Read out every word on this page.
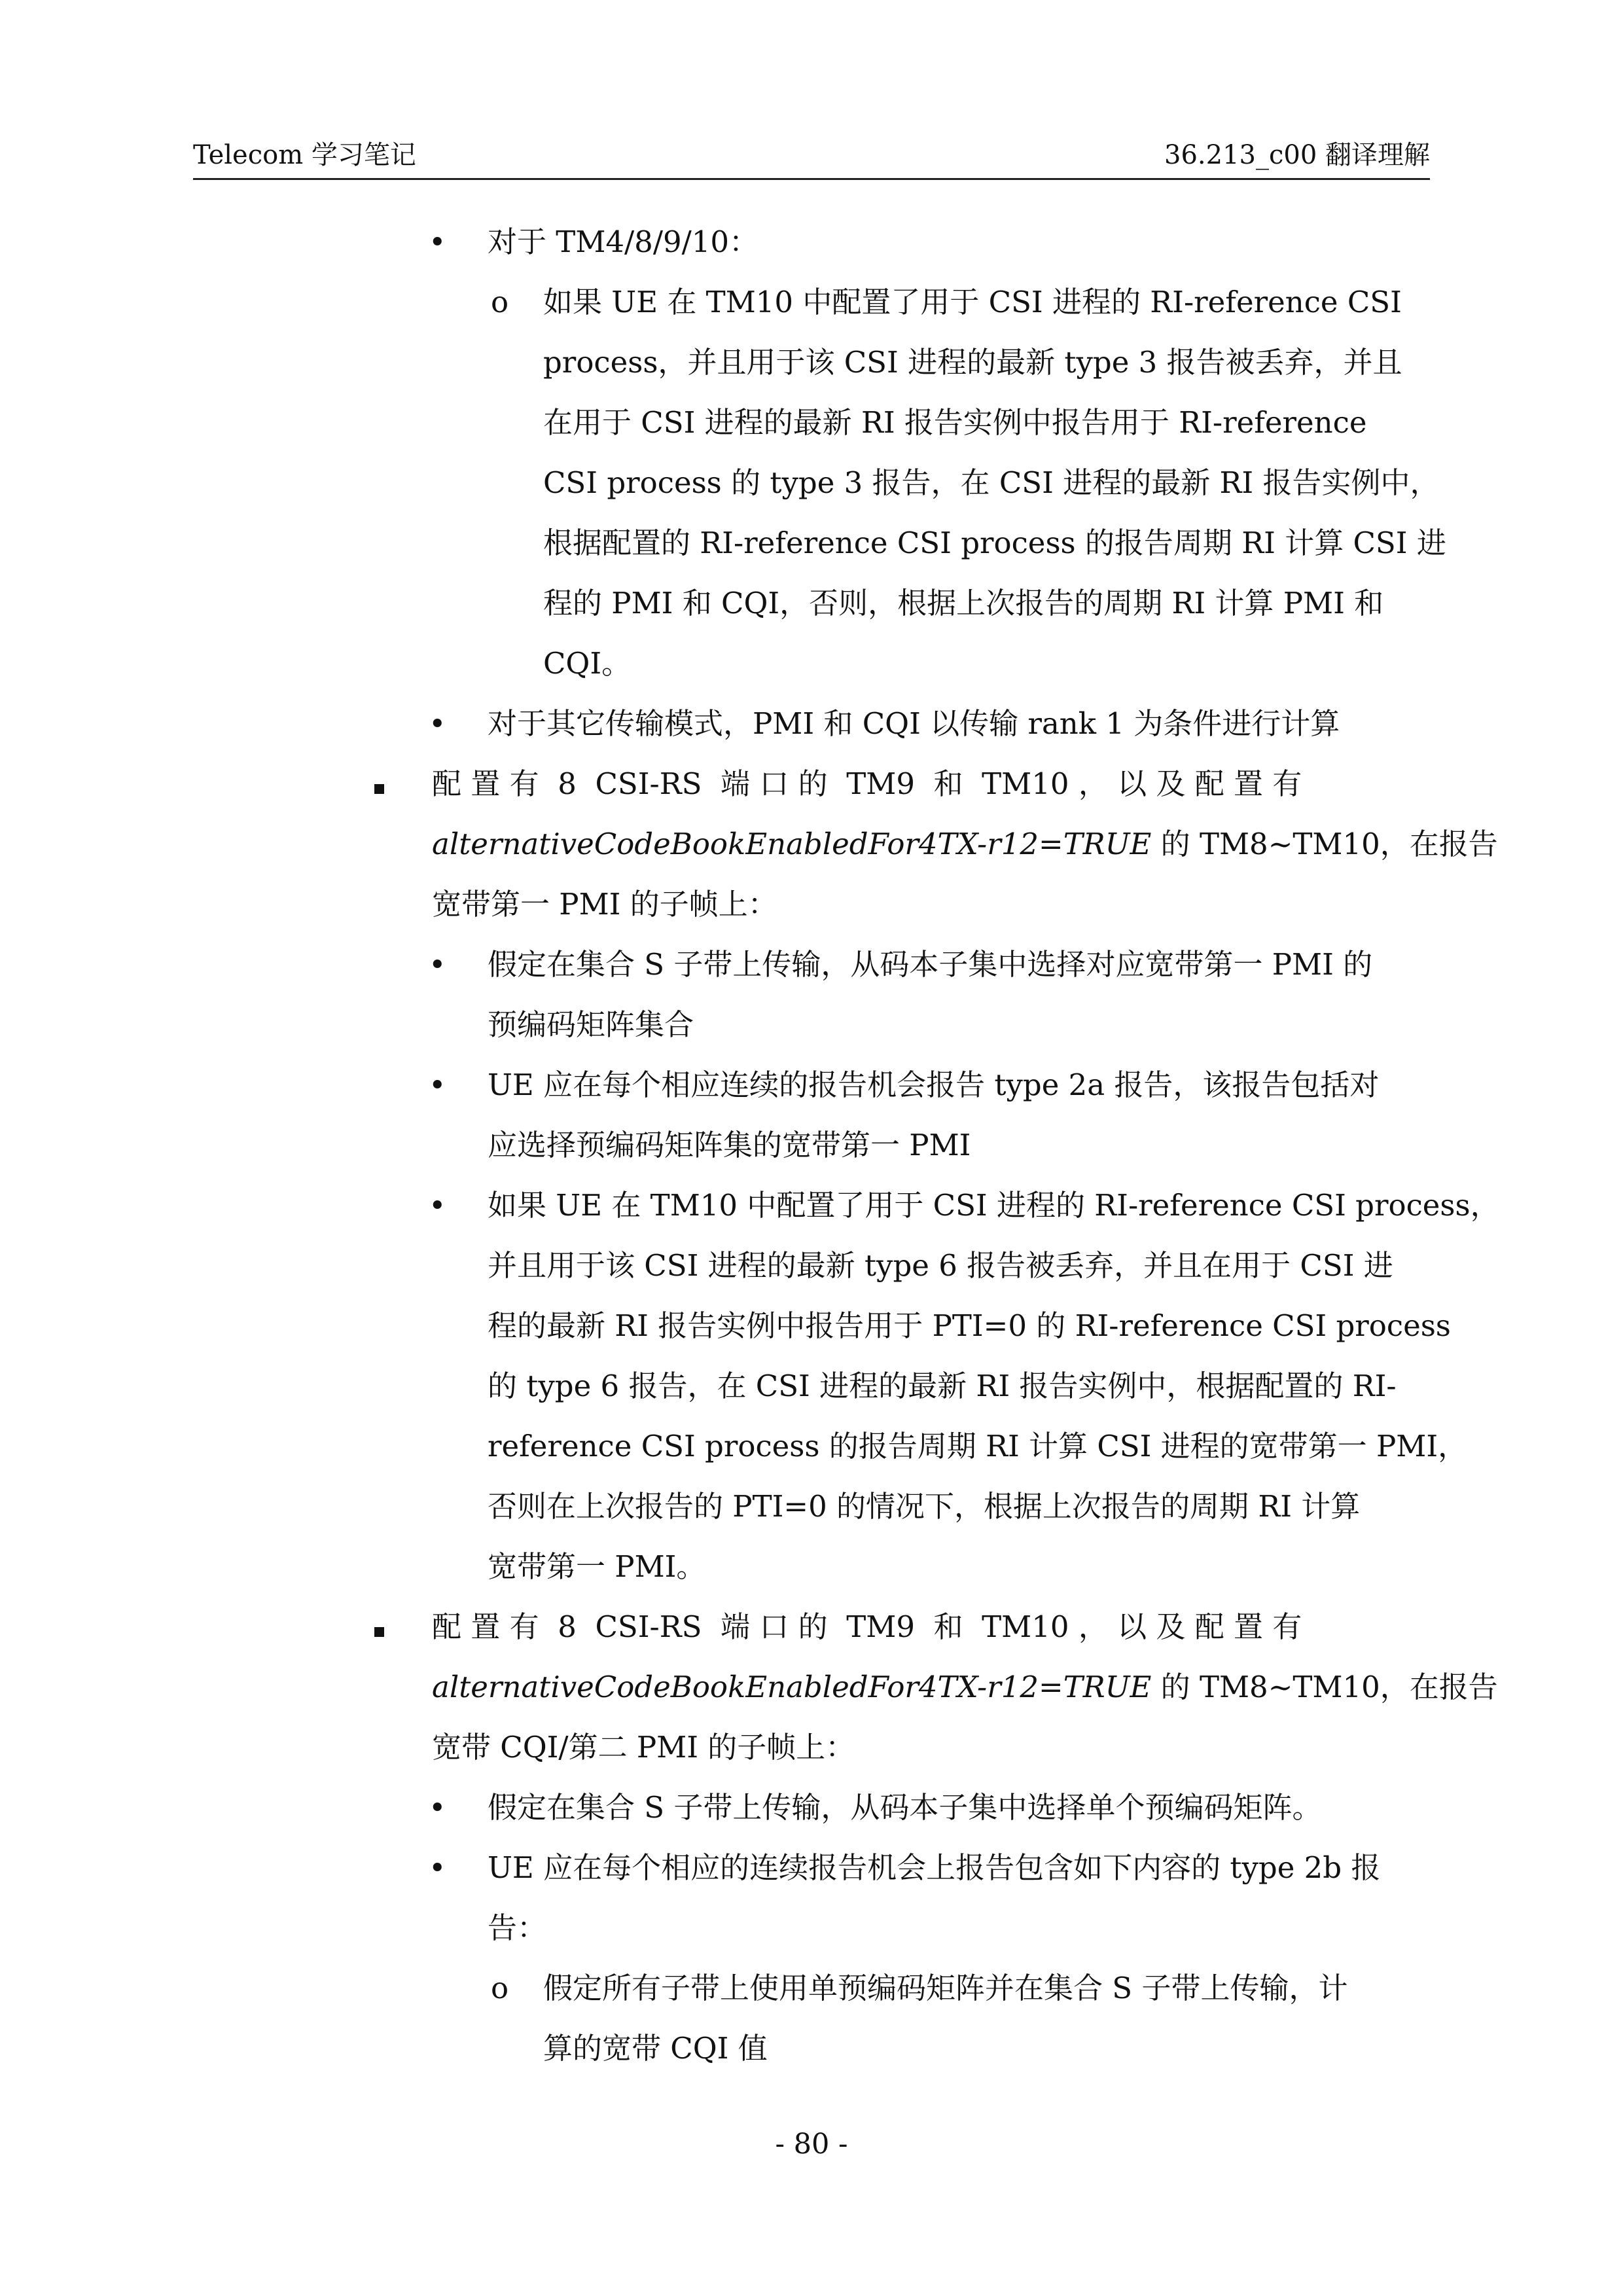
Telecom 学习笔记	36.213_c00 翻译理解
• 对于 TM4/8/9/10：
o 如果 UE 在 TM10 中配置了用于 CSI 进程的 RI-reference CSI
process，并且用于该 CSI 进程的最新 type 3 报告被丢弃，并且
在用于 CSI 进程的最新 RI 报告实例中报告用于 RI-reference
CSI process 的 type 3 报告，在 CSI 进程的最新 RI 报告实例中，
根据配置的 RI-reference CSI process 的报告周期 RI 计算 CSI 进
程的 PMI 和 CQI，否则，根据上次报告的周期 RI 计算 PMI 和
CQI。
• 对于其它传输模式，PMI 和 CQI 以传输 rank 1 为条件进行计算
配 置 有  8  CSI-RS  端 口 的  TM9  和  TM10 ， 以 及 配 置 有
alternativeCodeBookEnabledFor4TX-r12=TRUE 的 TM8~TM10，在报告
宽带第一 PMI 的子帧上：
• 假定在集合 S 子带上传输，从码本子集中选择对应宽带第一 PMI 的
预编码矩阵集合
• UE 应在每个相应连续的报告机会报告 type 2a 报告，该报告包括对
应选择预编码矩阵集的宽带第一 PMI
• 如果 UE 在 TM10 中配置了用于 CSI 进程的 RI-reference CSI process，
并且用于该 CSI 进程的最新 type 6 报告被丢弃，并且在用于 CSI 进
程的最新 RI 报告实例中报告用于 PTI=0 的 RI-reference CSI process
的 type 6 报告，在 CSI 进程的最新 RI 报告实例中，根据配置的 RI-
reference CSI process 的报告周期 RI 计算 CSI 进程的宽带第一 PMI，
否则在上次报告的 PTI=0 的情况下，根据上次报告的周期 RI 计算
宽带第一 PMI。
配 置 有  8  CSI-RS  端 口 的  TM9  和  TM10 ， 以 及 配 置 有
alternativeCodeBookEnabledFor4TX-r12=TRUE 的 TM8~TM10，在报告
宽带 CQI/第二 PMI 的子帧上：
• 假定在集合 S 子带上传输，从码本子集中选择单个预编码矩阵。
• UE 应在每个相应的连续报告机会上报告包含如下内容的 type 2b 报
告：
o 假定所有子带上使用单预编码矩阵并在集合 S 子带上传输，计
算的宽带 CQI 值
- 80 -
